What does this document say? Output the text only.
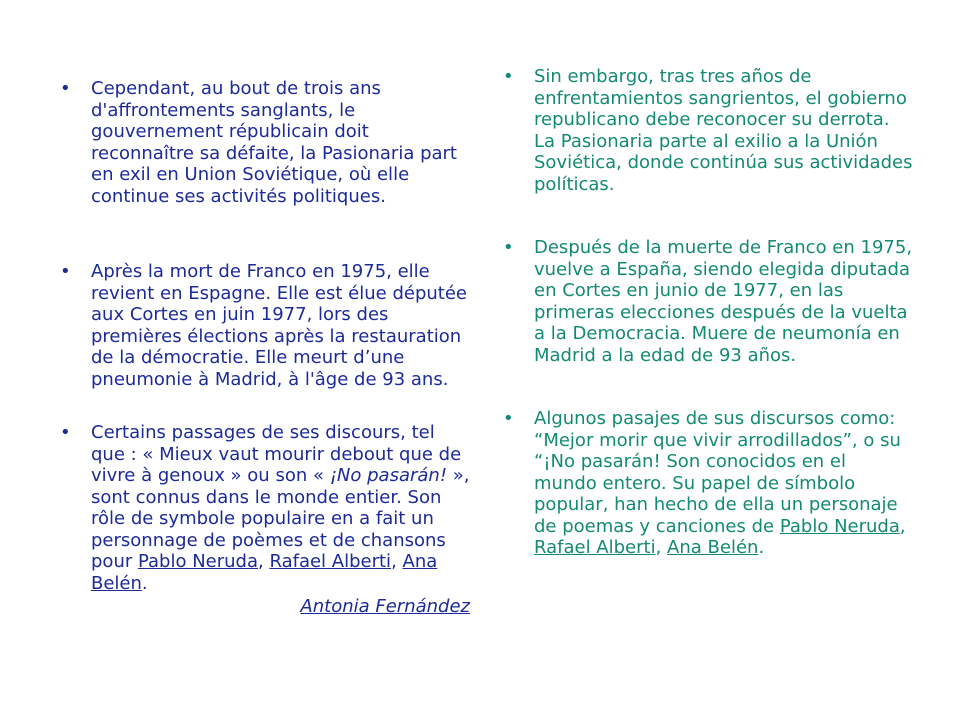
• Cependant, au bout de trois ans d'affrontements sanglants, le gouvernement républicain doit reconnaître sa défaite, la Pasionaria part en exil en Union Soviétique, où elle continue ses activités politiques.
• Après la mort de Franco en 1975, elle revient en Espagne. Elle est élue députée aux Cortes en juin 1977, lors des premières élections après la restauration de la démocratie. Elle meurt d’une pneumonie à Madrid, à l'âge de 93 ans.
• Certains passages de ses discours, tel que : « Mieux vaut mourir debout que de vivre à genoux » ou son « ¡No pasarán! », sont connus dans le monde entier. Son rôle de symbole populaire en a fait un personnage de poèmes et de chansons pour Pablo Neruda, Rafael Alberti, Ana Belén.
Antonia Fernández
• Sin embargo, tras tres años de enfrentamientos sangrientos, el gobierno republicano debe reconocer su derrota. La Pasionaria parte al exilio a la Unión Soviética, donde continúa sus actividades políticas.
• Después de la muerte de Franco en 1975, vuelve a España, siendo elegida diputada en Cortes en junio de 1977, en las primeras elecciones después de la vuelta a la Democracia. Muere de neumonía en Madrid a la edad de 93 años.
• Algunos pasajes de sus discursos como: “Mejor morir que vivir arrodillados”, o su “¡No pasarán! Son conocidos en el mundo entero. Su papel de símbolo popular, han hecho de ella un personaje de poemas y canciones de Pablo Neruda, Rafael Alberti, Ana Belén.
